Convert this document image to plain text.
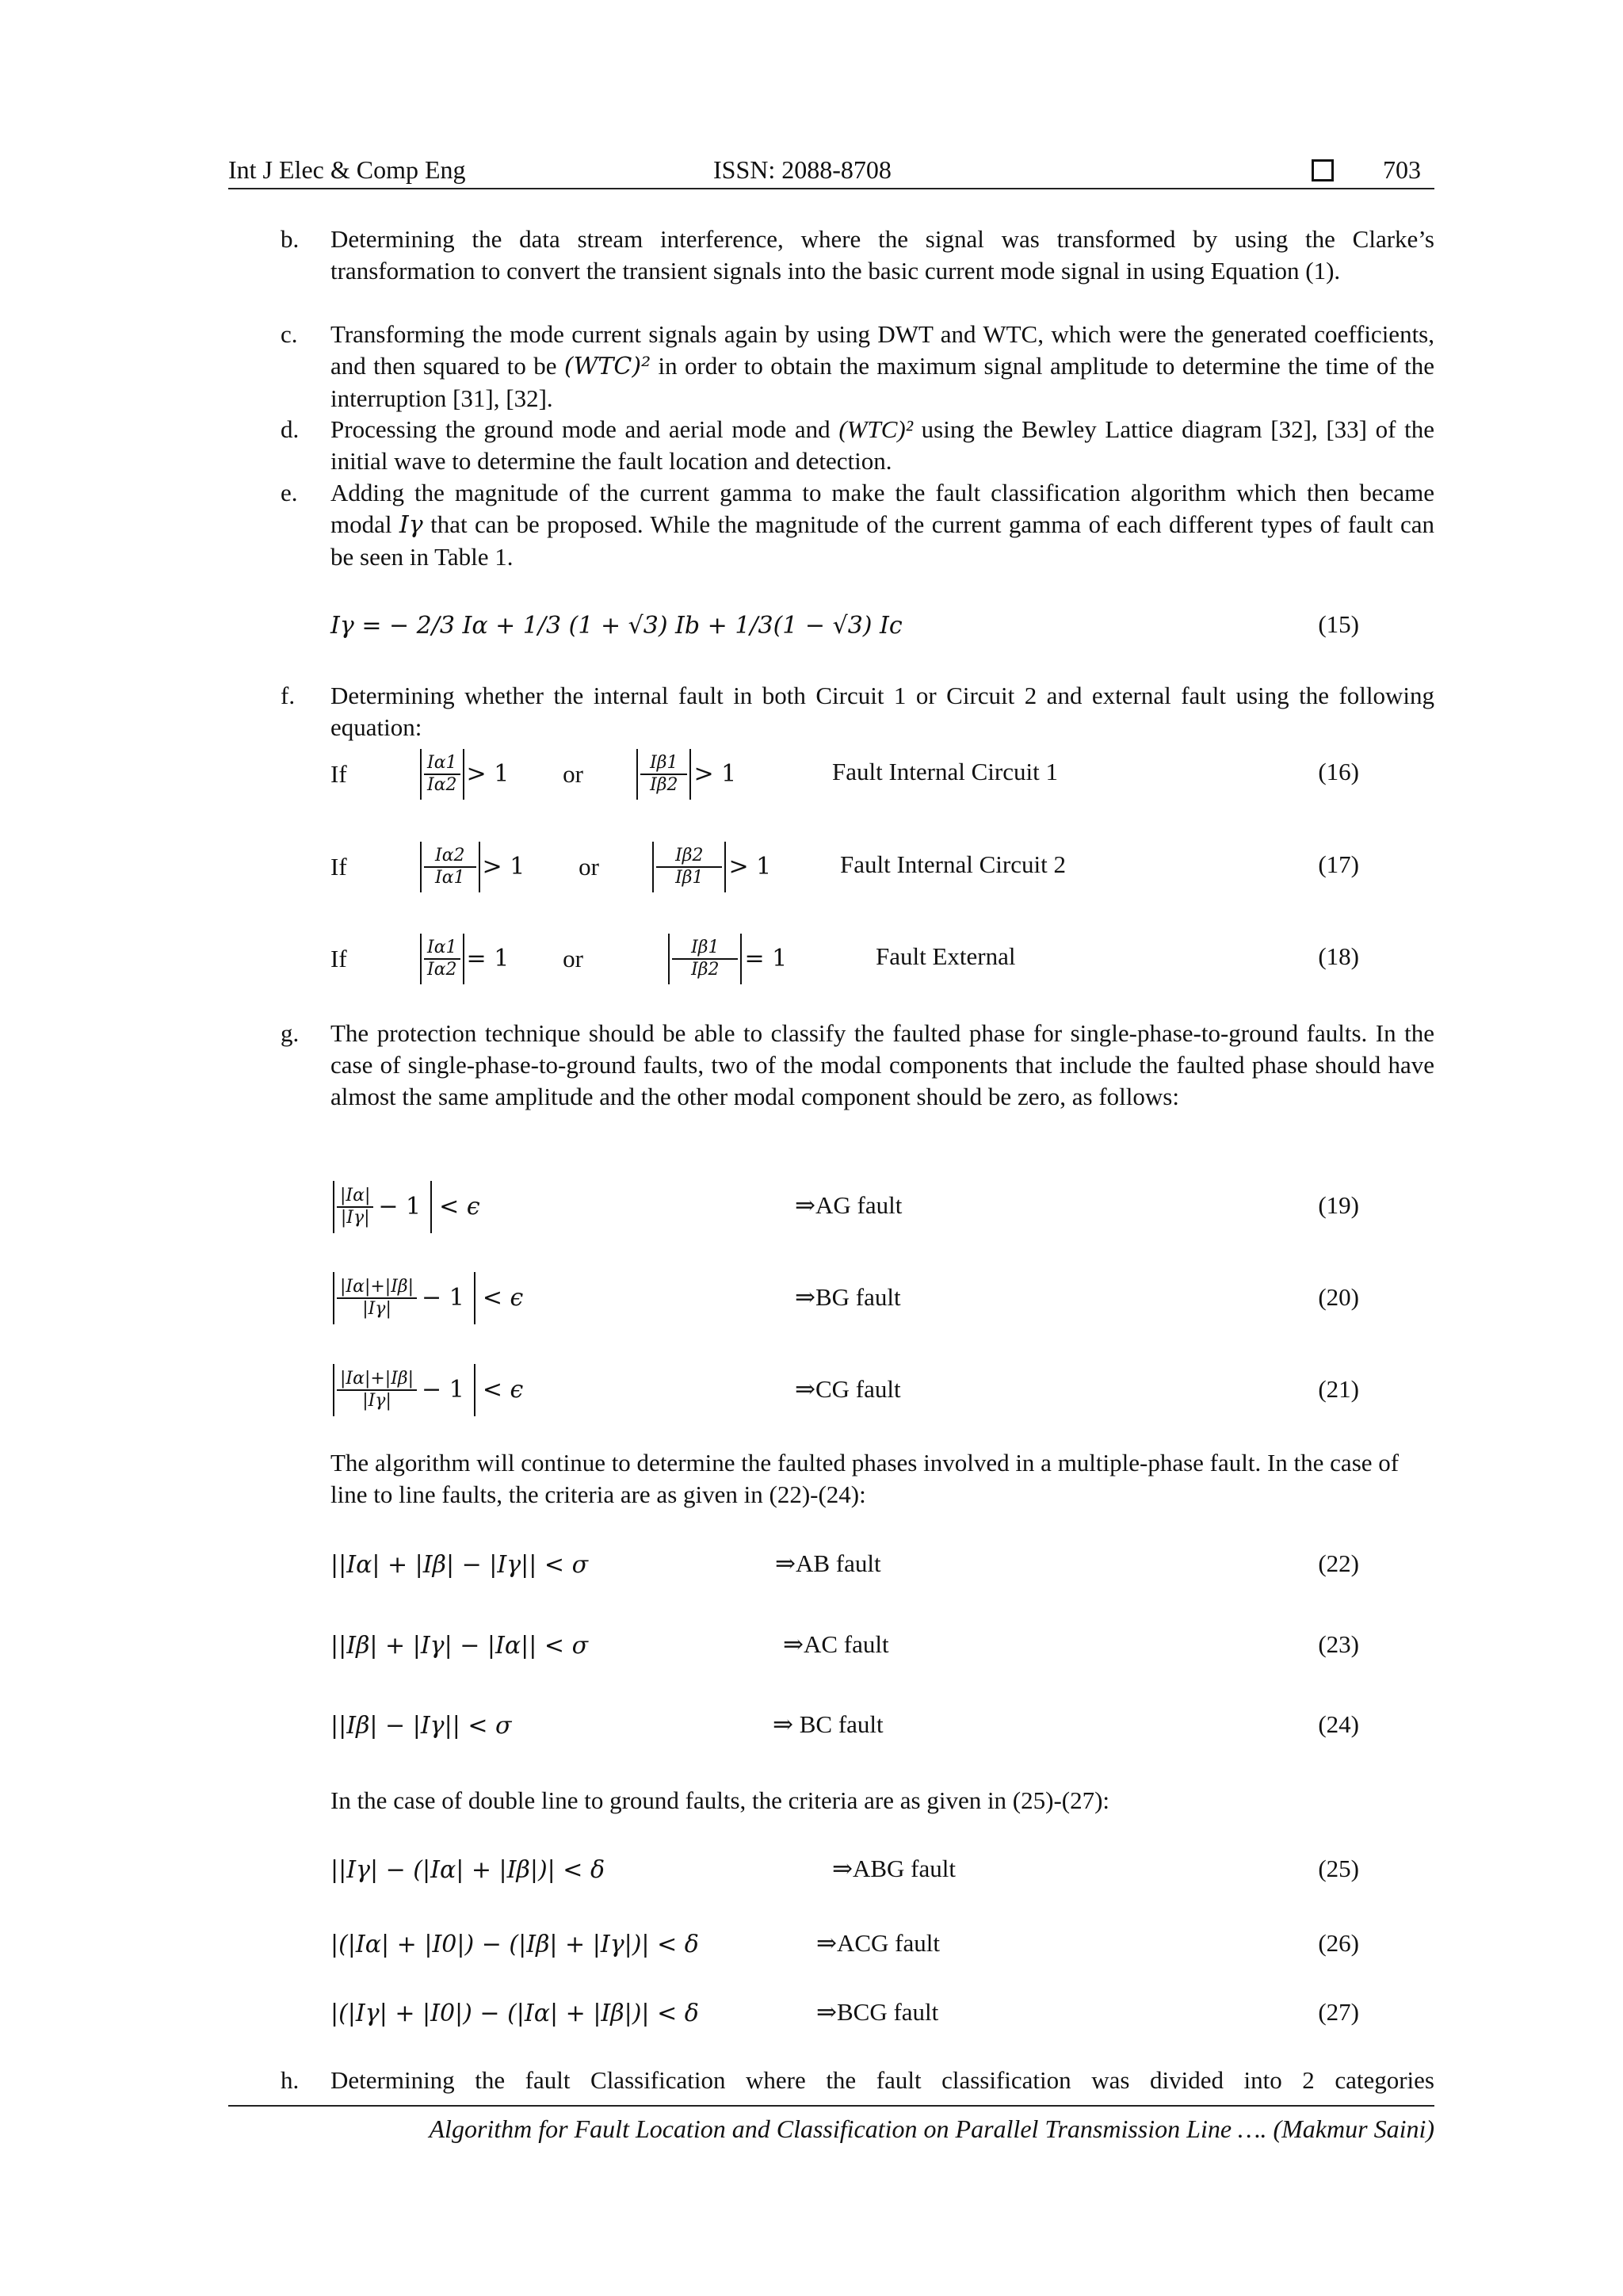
Int J Elec & Comp Eng	ISSN: 2088-8708	703
b. Determining the data stream interference, where the signal was transformed by using the Clarke’s transformation to convert the transient signals into the basic current mode signal in using Equation (1).
c. Transforming the mode current signals again by using DWT and WTC, which were the generated coefficients, and then squared to be (WTC)² in order to obtain the maximum signal amplitude to determine the time of the interruption [31], [32].
d. Processing the ground mode and aerial mode and (WTC)² using the Bewley Lattice diagram [32], [33] of the initial wave to determine the fault location and detection.
e. Adding the magnitude of the current gamma to make the fault classification algorithm which then became modal Iγ that can be proposed. While the magnitude of the current gamma of each different types of fault can be seen in Table 1.
Iγ = − 2/3 Iα + 1/3 (1 + √3) Ib + 1/3(1 − √3) Ic	(15)
f. Determining whether the internal fault in both Circuit 1 or Circuit 2 and external fault using the following equation:
If	$\frac{I\alpha 1}{I\alpha 2} > 1$ or	$\frac{I\beta 1}{I\beta 2} > 1$	Fault Internal Circuit 1	(16)
If	$\frac{I\alpha 2}{I\alpha 1} > 1$ or	$\frac{I\beta 2}{I\beta 1} > 1$	Fault Internal Circuit 2	(17)
If	$\frac{I\alpha 1}{I\alpha 2} = 1$ or	$\frac{I\beta 1}{I\beta 2} = 1$	Fault External	(18)
g. The protection technique should be able to classify the faulted phase for single-phase-to-ground faults. In the case of single-phase-to-ground faults, two of the modal components that include the faulted phase should have almost the same amplitude and the other modal component should be zero, as follows:
$\frac{|I\alpha|}{|I\gamma|} - 1 < \epsilon$	⇒AG fault	(19)
$\frac{|I\alpha|+|I\beta|}{|I\gamma|} - 1 < \epsilon$	⇒BG fault	(20)
$\frac{|I\alpha|+|I\beta|}{|I\gamma|} - 1 < \epsilon$	⇒CG fault	(21)
The algorithm will continue to determine the faulted phases involved in a multiple-phase fault. In the case of line to line faults, the criteria are as given in (22)-(24):
||Iα| + |Iβ| − |Iγ|| < σ	⇒AB fault	(22)
||Iβ| + |Iγ| − |Iα|| < σ	⇒AC fault	(23)
||Iβ| − |Iγ|| < σ	⇒ BC fault	(24)
In the case of double line to ground faults, the criteria are as given in (25)-(27):
||Iγ| − (|Iα| + |Iβ|)| < δ	⇒ABG fault	(25)
|(|Iα| + |I0|) − (|Iβ| + |Iγ|)| < δ	⇒ACG fault	(26)
|(|Iγ| + |I0|) − (|Iα| + |Iβ|)| < δ	⇒BCG fault	(27)
h. Determining the fault Classification where the fault classification was divided into 2 categories
Algorithm for Fault Location and Classification on Parallel Transmission Line …. (Makmur Saini)
